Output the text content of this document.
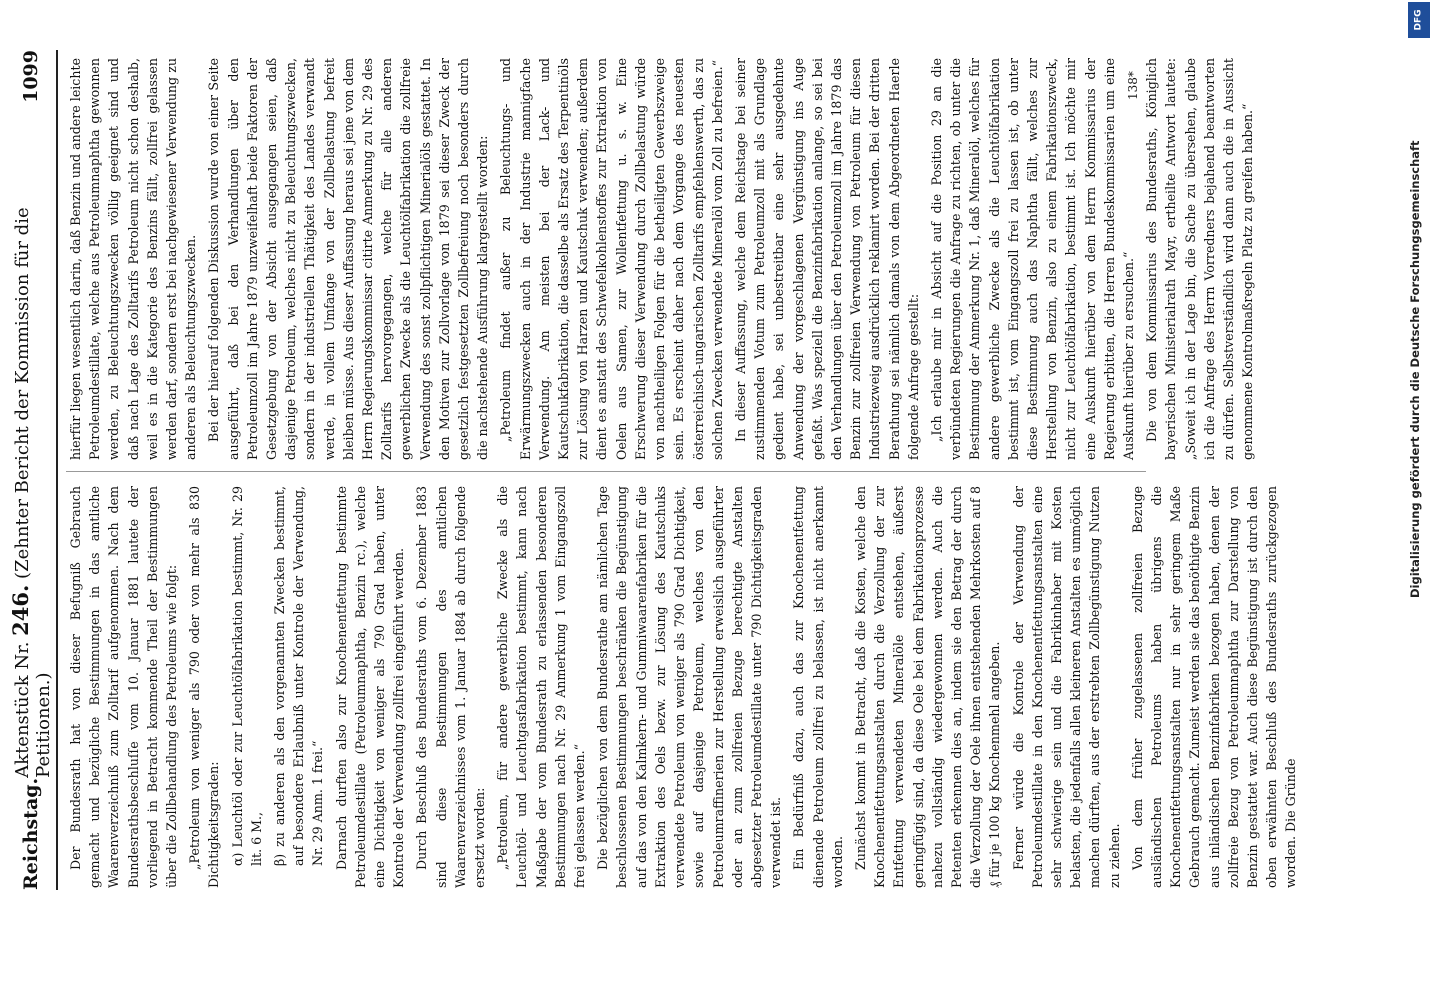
Reichstag.
Aktenstück Nr. 246. (Zehnter Bericht der Kommission für die Petitionen.)
1099

Der Bundesrath hat von dieser Befugniß Gebrauch gemacht und bezügliche Bestimmungen in das amtliche Waarenverzeichniß zum Zolltarif aufgenommen. Nach dem Bundesrathsbeschluſſe vom 10. Januar 1881 lautete der vorliegend in Betracht kommende Theil der Bestimmungen über die Zollbehandlung des Petroleums wie folgt: „Petroleum von weniger als 790 oder von mehr als 830 Dichtigkeitsgraden: α) Leuchtöl oder zur Leuchtölfabrikation bestimmt, Nr. 29 lit. 6 M., β) zu anderen als den vorgenannten Zwecken bestimmt, auf besondere Erlaubniß unter Kontrole der Verwendung, Nr. 29 Anm. 1 frei.“ Darnach durften also zur Knochenentfettung bestimmte Petroleumdestillate (Petroleumnaphtha, Benzin rc.), welche eine Dichtigkeit von weniger als 790 Grad haben, unter Kontrole der Verwendung zollfrei eingeführt werden. Durch Beschluß des Bundesraths vom 6. Dezember 1883 sind diese Bestimmungen des amtlichen Waarenverzeichnisses vom 1. Januar 1884 ab durch folgende ersetzt worden: „Petroleum, für andere gewerbliche Zwecke als die Leuchtöl- und Leuchtgasfabrikation bestimmt, kann nach Maßgabe der vom Bundesrath zu erlassenden besonderen Bestimmungen nach Nr. 29 Anmerkung 1 vom Eingangszoll frei gelassen werden.“ Die bezüglichen von dem Bundesrathe am nämlichen Tage beschlossenen Bestimmungen beschränken die Begünstigung auf das von den Kalmkern- und Gummiwaarenfabriken für die Extraktion des Oels bezw. zur Lösung des Kautschuks verwendete Petroleum von weniger als 790 Grad Dichtigkeit, sowie auf dasjenige Petroleum, welches von den Petroleumraffinerien zur Herstellung erweislich ausgeführter oder an zum zollfreien Bezuge berechtigte Anstalten abgesetzter Petroleumdestillate unter 790 Dichtigkeitsgraden verwendet ist. Ein Bedürfniß dazu, auch das zur Knochenentfettung dienende Petroleum zollfrei zu belassen, ist nicht anerkannt worden. Zunächst kommt in Betracht, daß die Kosten, welche den Knochenentfettungsanstalten durch die Verzollung der zur Entfettung verwendeten Mineralöle entstehen, äußerst geringfügig sind, da diese Oele bei dem Fabrikationsprozesse nahezu vollständig wiedergewonnen werden. Auch die Petenten erkennen dies an, indem sie den Betrag der durch die Verzollung der Oele ihnen entstehenden Mehrkosten auf 8 ₰ für je 100 kg Knochenmehl angeben. Ferner würde die Kontrole der Verwendung der Petroleumdestillate in den Knochenentfettungsanstalten eine sehr schwierige sein und die Fabrikinhaber mit Kosten belasten, die jedenfalls allen kleineren Anstalten es unmöglich machen dürften, aus der erstrebten Zollbegünstigung Nutzen zu ziehen. Von dem früher zugelassenen zollfreien Bezuge ausländischen Petroleums haben übrigens die Knochenentfettungsanstalten nur in sehr geringem Maße Gebrauch gemacht. Zumeist werden sie das benöthigte Benzin aus inländischen Benzinfabriken bezogen haben, denen der zollfreie Bezug von Petroleumnaphtha zur Darstellung von Benzin gestattet war. Auch diese Begünstigung ist durch den oben erwähnten Beschluß des Bundesraths zurückgezogen worden. Die Gründe

hierfür liegen wesentlich darin, daß Benzin und andere leichte Petroleumdestillate, welche aus Petroleumnaphtha gewonnen werden, zu Beleuchtungszwecken völlig geeignet sind und daß nach Lage des Zolltarifs Petroleum nicht schon deshalb, weil es in die Kategorie des Benzins fällt, zollfrei gelassen werden darf, sondern erst bei nachgewiesener Verwendung zu anderen als Beleuchtungszwecken. Bei der hierauf folgenden Diskussion wurde von einer Seite ausgeführt, daß bei den Verhandlungen über den Petroleumzoll im Jahre 1879 unzweifelhaft beide Faktoren der Gesetzgebung von der Absicht ausgegangen seien, daß dasjenige Petroleum, welches nicht zu Beleuchtungszwecken, sondern in der industriellen Thätigkeit des Landes verwandt werde, in vollem Umfange von der Zollbelastung befreit bleiben müsse. Aus dieser Auffassung heraus sei jene von dem Herrn Regierungskommissar citirte Anmerkung zu Nr. 29 des Zolltarifs hervorgegangen, welche für alle anderen gewerblichen Zwecke als die Leuchtölfabrikation die zollfreie Verwendung des sonst zollpflichtigen Minerialöls gestattet. In den Motiven zur Zollvorlage von 1879 sei dieser Zweck der gesetzlich festgesetzten Zollbefreiung noch besonders durch die nachstehende Ausführung klargestellt worden: „Petroleum findet außer zu Beleuchtungs- und Erwärmungszwecken auch in der Industrie mannigfache Verwendung. Am meisten bei der Lack- und Kautschukfabrikation, die dasselbe als Ersatz des Terpentinöls zur Lösung von Harzen und Kautschuk verwenden; außerdem dient es anstatt des Schwefelkohlenstoffes zur Extraktion von Oelen aus Samen, zur Wollentfettung u. s. w. Eine Erschwerung dieser Verwendung durch Zollbelastung würde von nachtheiligen Folgen für die betheiligten Gewerbszweige sein. Es erscheint daher nach dem Vorgange des neuesten österreichisch-ungarischen Zolltarifs empfehlenswerth, das zu solchen Zwecken verwendete Mineralöl vom Zoll zu befreien.“ In dieser Auffassung, welche dem Reichstage bei seiner zustimmenden Votum zum Petroleumzoll mit als Grundlage gedient habe, sei unbestreitbar eine sehr ausgedehnte Anwendung der vorgeschlagenen Vergünstigung ins Auge gefaßt. Was speziell die Benzinfabrikation anlange, so sei bei den Verhandlungen über den Petroleumzoll im Jahre 1879 das Benzin zur zollfreien Verwendung von Petroleum für diesen Industriezweig ausdrücklich reklamirt worden. Bei der dritten Berathung sei nämlich damals von dem Abgeordneten Haerle folgende Anfrage gestellt: „Ich erlaube mir in Absicht auf die Position 29 an die verbündeten Regierungen die Anfrage zu richten, ob unter die Bestimmung der Anmerkung Nr. 1, daß Mineralöl, welches für andere gewerbliche Zwecke als die Leuchtölfabrikation bestimmt ist, vom Eingangszoll frei zu lassen ist, ob unter diese Bestimmung auch das Naphtha fällt, welches zur Herstellung von Benzin, also zu einem Fabrikationszweck, nicht zur Leuchtölfabrikation, bestimmt ist. Ich möchte mir eine Auskunft hierüber von dem Herrn Kommissarius der Regierung erbitten, die Herren Bundeskommissarien um eine Auskunft hierüber zu ersuchen.“ Die von dem Kommissarius des Bundesraths, Königlich bayerischen Ministerialrath Mayr, ertheilte Antwort lautete: „Soweit ich in der Lage bin, die Sache zu übersehen, glaube ich die Anfrage des Herrn Vorredners bejahend beantworten zu dürfen. Selbstverständlich wird dann auch die in Aussicht genommene Kontrolmaßregeln Platz zu greifen haben.“

138*
DFG
Digitalisierung gefördert durch die Deutsche Forschungsgemeinschaft
